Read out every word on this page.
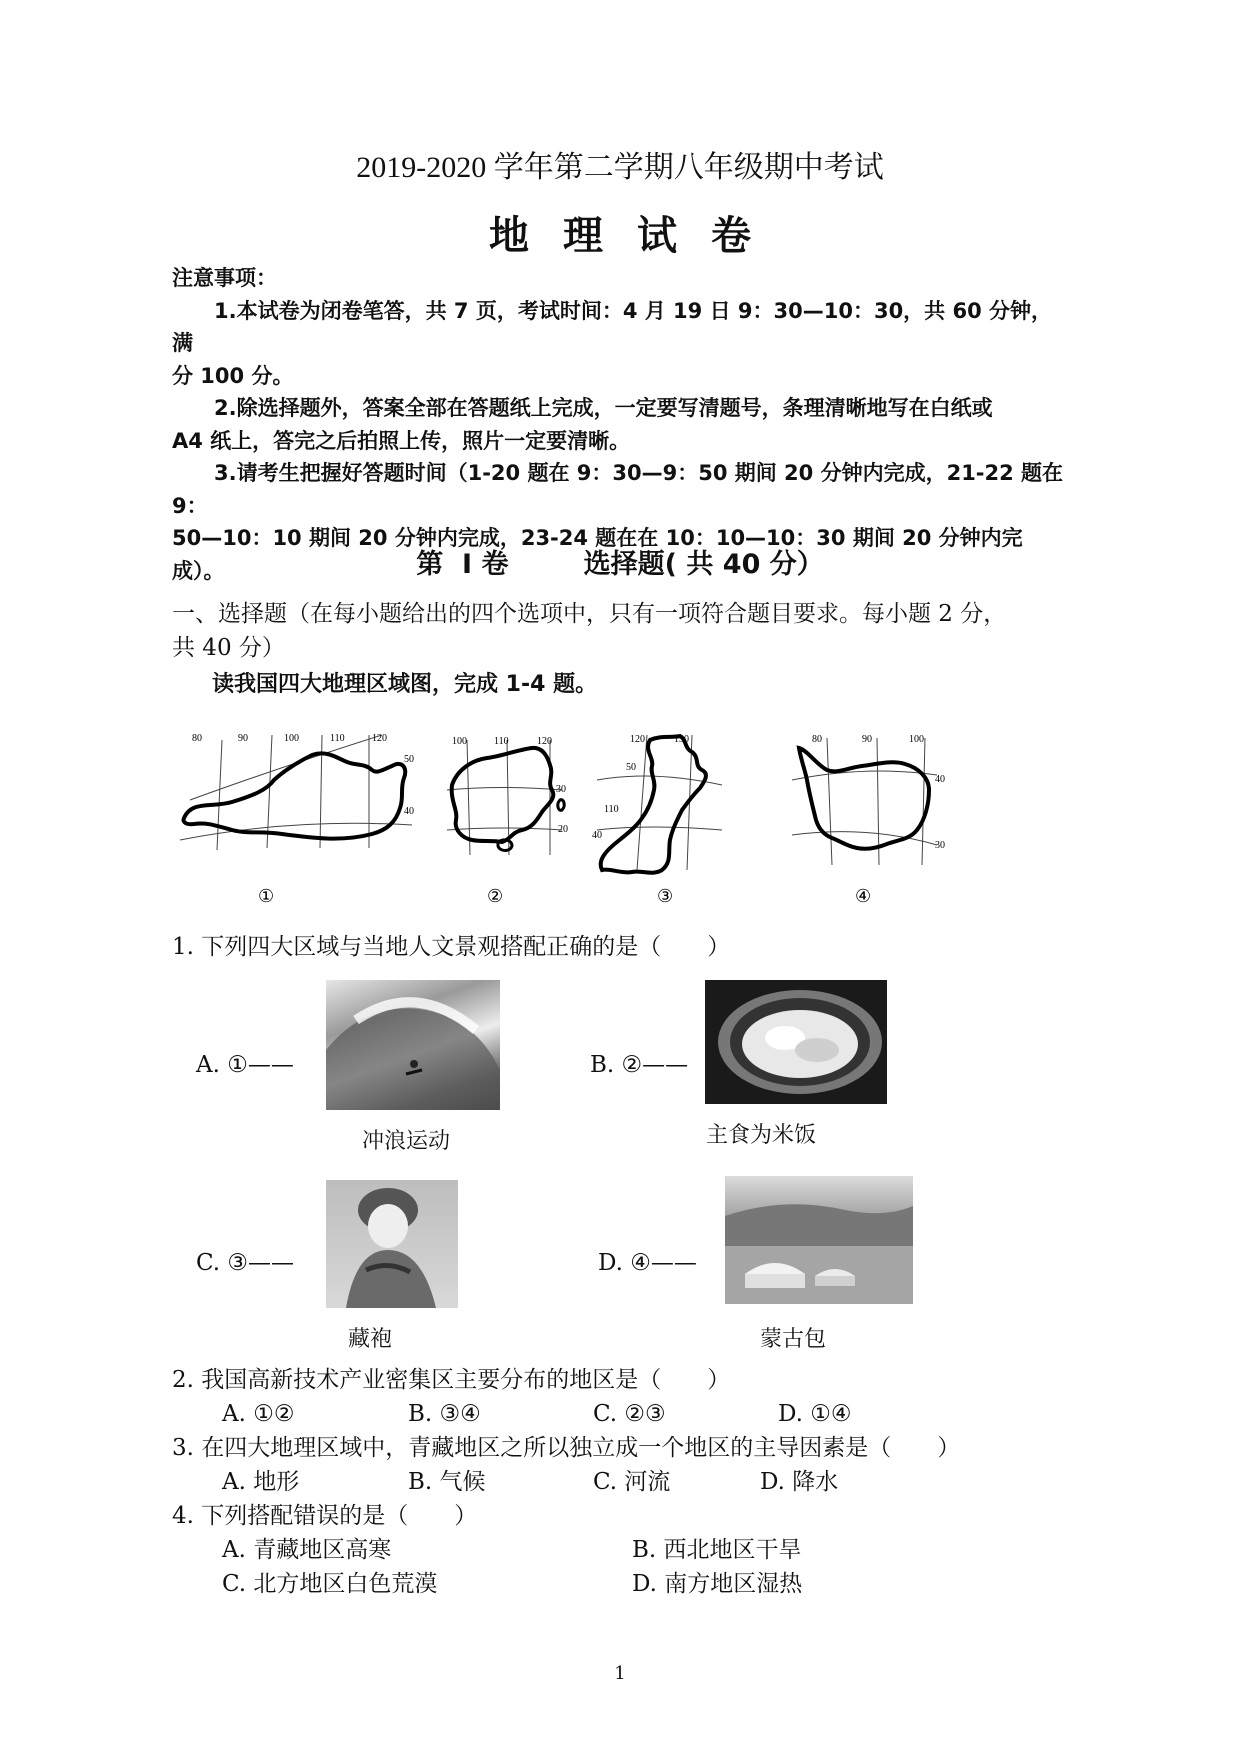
2019-2020 学年第二学期八年级期中考试
地理试卷

注意事项：

1.本试卷为闭卷笔答，共 7 页，考试时间：4 月 19 日 9：30—10：30，共 60 分钟，满

分 100 分。

2.除选择题外，答案全部在答题纸上完成，一定要写清题号，条理清晰地写在白纸或

A4 纸上，答完之后拍照上传，照片一定要清晰。

3.请考生把握好答题时间（1-20 题在 9：30—9：50 期间 20 分钟内完成，21-22 题在 9：

50—10：10 期间 20 分钟内完成，23-24 题在在 10：10—10：30 期间 20 分钟内完成）。	第  Ⅰ 卷        选择题( 共 40 分）
一、选择题（在每小题给出的四个选项中，只有一项符合题目要求。每小题 2 分，
共 40 分）
读我国四大地理区域图，完成 1-4 题。
80	90	100	110	120
50
40
①
100	110	120
30
20
②
120	130
50
110
40
③
80	90	100
40
30
④
1. 下列四大区域与当地人文景观搭配正确的是（　　）
A. ①——
冲浪运动
B. ②——
主食为米饭
C. ③——
藏袍
D. ④——
蒙古包
2. 我国高新技术产业密集区主要分布的地区是（　　）
A. ①②	B. ③④	C. ②③	D. ①④
3. 在四大地理区域中，青藏地区之所以独立成一个地区的主导因素是（　　）
A. 地形	B. 气候	C. 河流	D. 降水
4. 下列搭配错误的是（　　）
A. 青藏地区高寒	B. 西北地区干旱
C. 北方地区白色荒漠	D. 南方地区湿热
1
